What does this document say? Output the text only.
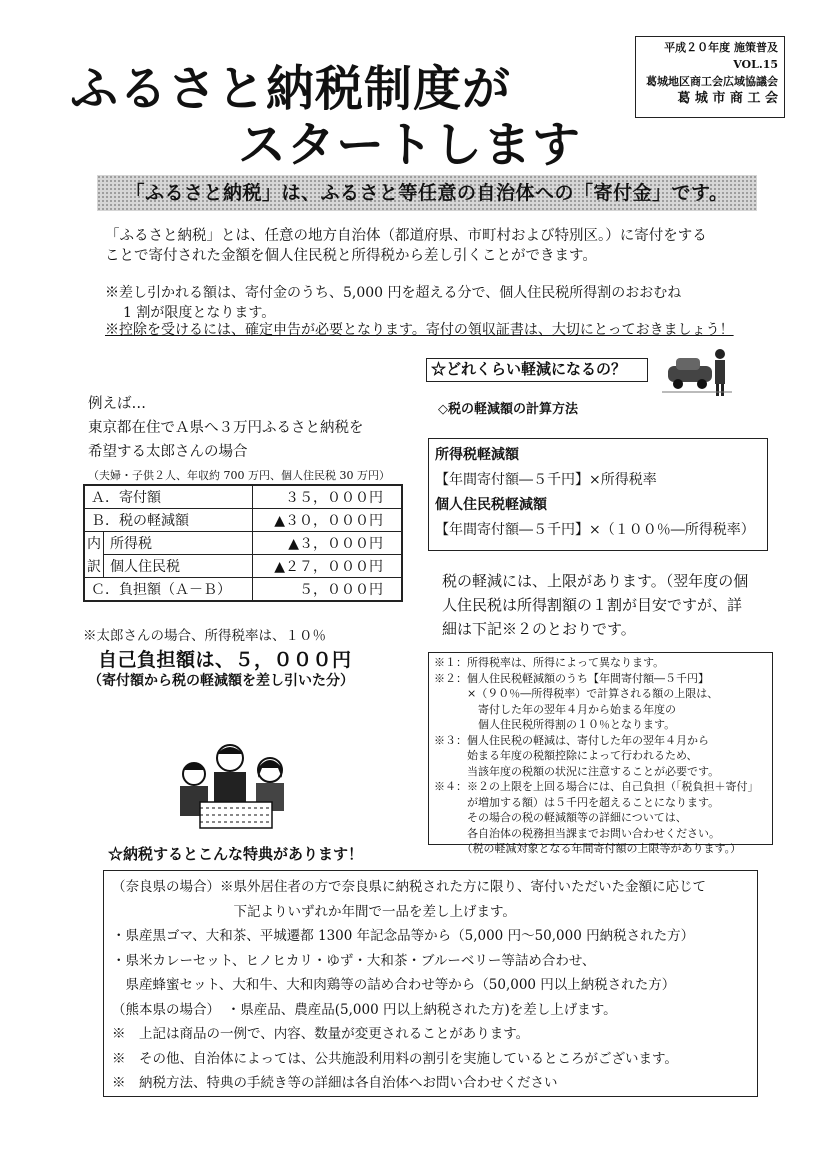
平成２０年度 施策普及
VOL.15
葛城地区商工会広域協議会
葛 城 市 商 工 会
ふるさと納税制度が
スタートします
「ふるさと納税」は、ふるさと等任意の自治体への「寄付金」です。
「ふるさと納税」とは、任意の地方自治体（都道府県、市町村および特別区。）に寄付をする
ことで寄付された金額を個人住民税と所得税から差し引くことができます。
※差し引かれる額は、寄付金のうち、5,000 円を超える分で、個人住民税所得割のおおむね
1 割が限度となります。
※控除を受けるには、確定申告が必要となります。寄付の領収証書は、大切にとっておきましょう！
☆どれくらい軽減になるの？
◇税の軽減額の計算方法
例えば…
東京都在住でＡ県へ３万円ふるさと納税を
希望する太郎さんの場合
（夫婦・子供２人、年収約 700 万円、個人住民税 30 万円）
Ａ．寄付額		３５，０００円
Ｂ．税の軽減額		▲３０，０００円
内	所得税	▲３，０００円
訳	個人住民税	▲２７，０００円
Ｃ．負担額（Ａ－Ｂ）		５，０００円
※太郎さんの場合、所得税率は、１０％
自己負担額は、５，０００円
（寄付額から税の軽減額を差し引いた分）
所得税軽減額
【年間寄付額―５千円】×所得税率
個人住民税軽減額
【年間寄付額―５千円】×（１００％―所得税率）
税の軽減には、上限があります。（翌年度の個
人住民税は所得割額の１割が目安ですが、詳
細は下記※２のとおりです。
※１：所得税率は、所得によって異なります。
※２：個人住民税軽減額のうち【年間寄付額―５千円】
　　　×（９０％―所得税率）で計算される額の上限は、
　　　　寄付した年の翌年４月から始まる年度の
　　　　個人住民税所得割の１０％となります。
※３：個人住民税の軽減は、寄付した年の翌年４月から
　　　始まる年度の税額控除によって行われるため、
　　　当該年度の税額の状況に注意することが必要です。
※４：※２の上限を上回る場合には、自己負担（「税負担＋寄付」
　　　が増加する額）は５千円を超えることになります。
　　　その場合の税の軽減額等の詳細については、
　　　各自治体の税務担当課までお問い合わせください。
　　　（税の軽減対象となる年間寄付額の上限等があります。）
☆納税するとこんな特典があります！
（奈良県の場合）※県外居住者の方で奈良県に納税された方に限り、寄付いただいた金額に応じて
　　　　　　　　　下記よりいずれか年間で一品を差し上げます。
・県産黒ゴマ、大和茶、平城遷都 1300 年記念品等から（5,000 円～50,000 円納税された方）
・県米カレーセット、ヒノヒカリ・ゆず・大和茶・ブルーベリー等詰め合わせ、
　県産蜂蜜セット、大和牛、大和肉鶏等の詰め合わせ等から（50,000 円以上納税された方）
（熊本県の場合）　・県産品、農産品(5,000 円以上納税された方)を差し上げます。
※　上記は商品の一例で、内容、数量が変更されることがあります。
※　その他、自治体によっては、公共施設利用料の割引を実施しているところがございます。
※　納税方法、特典の手続き等の詳細は各自治体へお問い合わせください
